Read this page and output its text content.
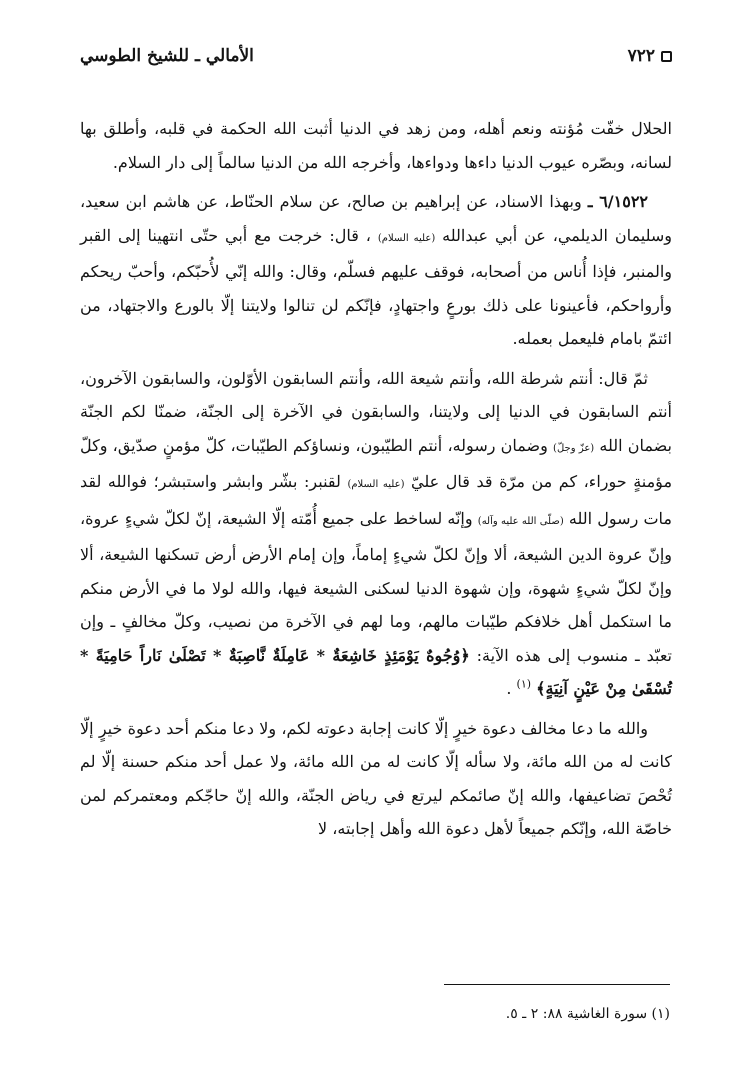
٧٢٢
الأمالي ـ للشيخ الطوسي

الحلال خفّت مُؤنته ونعم أهله، ومن زهد في الدنيا أثبت الله الحكمة في قلبه، وأطلق بها لسانه، وبصّره عيوب الدنيا داءها ودواءها، وأخرجه الله من الدنيا سالماً إلى دار السلام.

٦/١٥٢٢ ـ وبهذا الاسناد، عن إبراهيم بن صالح، عن سلام الحنّاط، عن هاشم ابن سعيد، وسليمان الديلمي، عن أبي عبدالله (عليه السلام) ، قال: خرجت مع أبي حتّى انتهينا إلى القبر والمنبر، فإذا أُناس من أصحابه، فوقف عليهم فسلّم، وقال: والله إنّي لأُحبّكم، وأحبّ ريحكم وأرواحكم، فأعينونا على ذلك بورعٍ واجتهادٍ، فإنّكم لن تنالوا ولايتنا إلّا بالورع والاجتهاد، من ائتمّ بامام فليعمل بعمله.

ثمّ قال: أنتم شرطة الله، وأنتم شيعة الله، وأنتم السابقون الأوّلون، والسابقون الآخرون، أنتم السابقون في الدنيا إلى ولايتنا، والسابقون في الآخرة إلى الجنّة، ضمنّا لكم الجنّة بضمان الله (عزّ وجلّ) وضمان رسوله، أنتم الطيّبون، ونساؤكم الطيّبات، كلّ مؤمنٍ صدّيق، وكلّ مؤمنةٍ حوراء، كم من مرّة قد قال عليّ (عليه السلام) لقنبر: بشّر وابشر واستبشر؛ فوالله لقد مات رسول الله (صلّى الله عليه وآله) وإنّه لساخط على جميع أُمّته إلّا الشيعة، إنّ لكلّ شيءٍ عروة، وإنّ عروة الدين الشيعة، ألا وإنّ لكلّ شيءٍ إماماً، وإن إمام الأرض أرض تسكنها الشيعة، ألا وإنّ لكلّ شيءٍ شهوة، وإن شهوة الدنيا لسكنى الشيعة فيها، والله لولا ما في الأرض منكم ما استكمل أهل خلافكم طيّبات مالهم، وما لهم في الآخرة من نصيب، وكلّ مخالفٍ ـ وإن تعبّد ـ منسوب إلى هذه الآية: ﴿وُجُوهٌ يَوْمَئِذٍ خَاشِعَةٌ * عَامِلَةٌ نَّاصِبَةٌ * تَصْلَىٰ نَاراً حَامِيَةً * تُسْقَىٰ مِنْ عَيْنٍ آنِيَةٍ﴾ $^{(١)}$ .

والله ما دعا مخالف دعوة خيرٍ إلّا كانت إجابة دعوته لكم، ولا دعا منكم أحد دعوة خيرٍ إلّا كانت له من الله مائة، ولا سأله إلّا كانت له من الله مائة، ولا عمل أحد منكم حسنة إلّا لم تُحْصَ تضاعيفها، والله إنّ صائمكم ليرتع في رياض الجنّة، والله إنّ حاجّكم ومعتمركم لمن خاصّة الله، وإنّكم جميعاً لأهل دعوة الله وأهل إجابته، لا

(١) سورة الغاشية ٨٨: ٢ ـ ٥.
